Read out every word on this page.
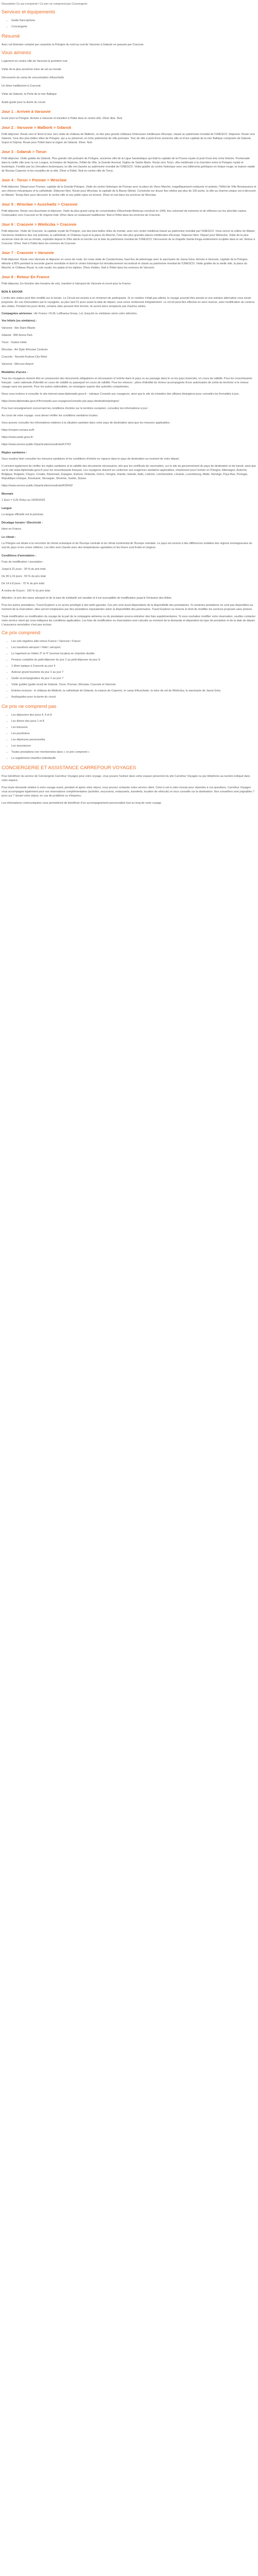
Description Ce qui comprend / Ce prix ne comprend pas Conciergerie

Services et équipements
• Guide francophone
• Conciergerie
Résumé

Avec cet itinéraire complet par caractère la Pologne du nord au sud de Varsovie à Gdansk en passant par Cracovie.

Vous aimerez

Logement en centre-ville de Varsovie la première nuit

Visite de la plus ancienne mine de sel au monde

Découverte du camp de concentration d'Auschwitz

Un dîner traditionnel à Cracovie

Visite de Gdansk, la Perle de la mer Baltique

Audio guide pour la durée du circuit

Jour 1 : Arrivée à Varsovie

Envol pour la Pologne. Arrivée à Varsovie et transfert à l'hôtel dans le centre-ville. Dîner libre. Nuit.

Jour 2 : Varsovie > Malbork > Gdansk

Petit-déjeuner. Route vers le Nord et tour vers visite du château de Malbork, un des plus grands châteaux forteresses médiévaux d'Europe, classé au patrimoine mondial de l'UNESCO. Déjeuner. Route vers Gdansk, l'une des plus belles villes de Pologne, qui a su préserver un riche patrimoine de ville portuaire. Tour de ville à pied d'une ancienne ville et d'une capitale de la mer Baltique composée de Gdansk, Sopot et Gdynia. Route pour l'hôtel dans la région de Gdansk. Dîner. Nuit.

Jour 3 : Gdansk > Torun

Petit-déjeuner. Visite guidée de Gdansk. Plus grande cité portuaire de Pologne, ancienne ville de la Ligue hanséatique qui était la capitale de la Prusse royale et jouit d'une très riche histoire. Promenade dans la vieille ville avec la rue Longue, la fontaine de Neptune, l'Hôtel de Ville, la Grande Arsenal, l'église de Sainte Marie. Route vers Torun, ville médiévale à la charnière entre la Pologne royale et teutonique. Fondée par les chevaliers teutoniques, la ville est classée au patrimoine mondial de l'UNESCO. Visite guidée du centre historique avec ses bâtiments gothiques en brique rouge, la maison natale de Nicolas Copernic et les murailles de la ville. Dîner à l'hôtel. Nuit en centre-ville de Torun.

Jour 4 : Torun > Poznan > Wroclaw

Petit-déjeuner. Départ pour Poznan, capitale de la Grande-Pologne. Visite du centre historique de Poznan avec la place du Vieux Marché, magnifiquement restaurée et animée, l'Hôtel de Ville Renaissance et ses chèvres mécaniques et la cathédrale. Déjeuner libre. Route pour Wroclaw, la capitale de la Basse-Silésie. Construite sur douze îles reliées par plus de 100 ponts, la ville au charme unique est à découvrir en flânant. Temps libre pour découvrir le centre-ville et ses petits nains en bronze. Dîner et nuit dans les environs de Wroclaw.

Jour 5 : Wroclaw > Auschwitz > Cracovie

Petit-déjeuner. Route vers Auschwitz et déjeuner. Visite du plus grand camp de concentration d'Auschwitz-Birkenau construit en 1940, lieu universel de mémoire et de réflexion sur les atrocités nazies. Continuation vers Cracovie en fin d'après-midi. Dîner dans un restaurant traditionnel. Nuit à l'hôtel dans les environs de Cracovie.

Jour 6 : Cracovie > Wieliczka > Cracovie

Petit-déjeuner. Visite de Cracovie, la capitale royale de Pologne, une des plus belles villes du monde, avec son centre médiéval classé au patrimoine mondial par l'UNESCO. Vous verrez la colline du Wawel, l'ancienne résidence des rois polonais, la cathédrale, le Château royal et la place du Marché, l'une des plus grandes places médiévales d'Europe. Déjeuner libre. Départ pour Wieliczka. Visite de la plus ancienne mine de sel au monde, exploitée depuis le XIIIe siècle et inscrite sur la liste du patrimoine mondial de l'UNESCO. Découverte de la chapelle Sainte-Kinga entièrement sculptée dans le sel. Retour à Cracovie. Dîner. Nuit à l'hôtel dans les environs de Cracovie.

Jour 7 : Cracovie > Varsovie

Petit-déjeuner. Route vers Varsovie et déjeuner en cours de route. En route visite de Czestochowa, haut lieu de pèlerinage avec le sanctuaire de Jasna Góra. Arrivée à Varsovie, capitale de la Pologne, détruite à 85% pendant la seconde guerre mondiale et dont le centre historique fut minutieusement reconstruit et classé au patrimoine mondial de l'UNESCO. Visite guidée de la vieille ville, la place du Marché, le Château Royal, la voie royale, les palais et les églises. Dîner d'adieu. Nuit à l'hôtel dans les environs de Varsovie.

Jour 8 : Retour En France

Petit-déjeuner. En fonction des horaires de vols, transfert à l'aéroport de Varsovie et envol pour la France.

BON À SAVOIR

L'ordre des visites peut être modifié sur le terrain. Le Circuit est soumis à un minimum de participants. Si ce nombre n'était pas atteint, le voyage pourrait être annulé et une solution alternative vous serait proposée. En cas d'annulation par le voyagiste, au plus tard 21 jours avant la date de départ, vous serez remboursé intégralement. Le circuit peut être effectué en sens inverse, sans modification du contenu des visites. Pendant les jours fériés, certains sites peuvent être fermés, ils seront alors remplacés par d'autres visites.

Compagnies aériennes : Air France / KLM, Lufthansa Group, Lot, EasyJet ou similaires selon votre sélection.

Vos hôtels (ou similaires) :

Varsovie : Ibis Stare Miasto

Gdansk : BW Arena Park

Torun : Solaris Hotel

Wroclaw : Art Style Wroclaw Centrum

Cracovie : Novotel Krakow City West

Varsovie : Mercure Airport

Modalités d'accès :

Tous les voyageurs doivent être en possession des documents obligatoires et nécessaires à l'entrée dans le pays ou au passage dans le ou les pays traversés, en cours de validité. Pour les ressortissants français : carte nationale d'identité en cours de validité ou passeport en cours de validité. Pour les mineurs : pièce d'identité du mineur accompagnée d'une autorisation de sortie du territoire si le mineur voyage sans ses parents. Pour les autres nationalités, se renseigner auprès des autorités compétentes.

Nous vous invitons à consulter le site internet www.diplomatie.gouv.fr - rubrique Conseils aux voyageurs, ainsi que le site du ministère des affaires étrangères pour connaître les formalités à jour.

https://www.diplomatie.gouv.fr/fr/conseils-aux-voyageurs/conseils-par-pays-destination/pologne/

Pour tout renseignement concernant les conditions d'entrée sur le territoire européen, consultez les informations à jour :

Au cours de votre voyage, vous devez vérifier les conditions sanitaires locales.

Vous pouvez consulter les informations relatives à la situation sanitaire dans votre pays de destination ainsi que les mesures applicables :

https://reopen.europa.eu/fr

https://www.sante.gouv.fr/

https://www.service-public.fr/particuliers/vosdroits/F2703

Règles sanitaires :

Vous voudrez bien consulter les mesures sanitaires et les conditions d'entrée en vigueur dans le pays de destination au moment de votre départ.

Il convient également de vérifier les règles sanitaires et la validité des documents nécessaires, tels que les certificats de vaccination, sur le site du gouvernement du pays de destination et de transit, ainsi que sur le site www.diplomatie.gouv.fr pour les ressortissants français. Les voyageurs doivent se conformer aux exigences sanitaires applicables, notamment pour l'entrée en Pologne, Allemagne, Autriche, Belgique, Bulgarie, Chypre, Croatie, Danemark, Espagne, Estonie, Finlande, Grèce, Hongrie, Irlande, Islande, Italie, Lettonie, Liechtenstein, Lituanie, Luxembourg, Malte, Norvège, Pays-Bas, Portugal, République tchèque, Roumanie, Slovaquie, Slovénie, Suède, Suisse.

https://www.service-public.fr/particuliers/vosdroits/R35432

Monnaie

1 Euro = 4,26 Zlotys au 16/05/2025

Langue

La langue officielle est le polonais.

Décalage horaire / Électricité :

Idem en France.

Le climat :

La Pologne est située à la rencontre du climat océanique et de l'Europe centrale et du climat continental de l'Europe orientale. Le pays est soumis à des différences notables des régions montagneuses du sud du pays et les zones côtières. Les étés sont chauds avec des températures agréables et les hivers sont froids et neigeux.

Conditions d'annulation :

Frais de modification / annulation :

Jusqu'à 31 jours : 30 % du prix total

De 30 à 15 jours : 50 % du prix total

De 14 à 8 jours : 75 % du prix total

À moins de 8 jours : 100 % du prix total

Attention, le prix des taxes aéroport et de la taxe de solidarité est variable et il est susceptible de modification jusqu'à l'émission des billets.

Pour les autres prestations, Travel Explorer a un accès privilégié à des tarifs garantis. Ces prix sont aussi dépendants de la disponibilité des prestataires. Si certaines prestations ne sont pas disponibles au moment de la réservation, elles seront remplacées par des prestations équivalentes selon la disponibilité des partenaires. Travel Explorer se réserve le droit de modifier les services proposés sans préavis.

Toute modification ou modification du voyage de la part de la compagnie aérienne ou du prestataire pourra entraîner des frais supplémentaires. Si vous souhaitez modifier votre réservation, veuillez contacter notre service client qui vous indiquera les conditions applicables. Les frais de modification ou d'annulation sont calculés au moment de la demande et dépendent du type de prestation et de la date de départ. L'assurance annulation n'est pas incluse.

Ce prix comprend
• Les vols réguliers aller-retour France / Varsovie / France
• Les transferts aéroport / hôtel / aéroport
• Le logement en hôtels 3* et 4* (normes locales) en chambre double
• Pension complète du petit-déjeuner du jour 2 au petit-déjeuner du jour 8
• 1 dîner typique à Cracovie au jour 5
• Autocar grand tourisme du jour 2 au jour 7
• Guide accompagnateur du jour 2 au jour 7
• Visite guidée (guide local) de Gdansk, Torun, Poznan, Wroclaw, Cracovie et Varsovie
• Entrées incluses : le château de Malbork, la cathédrale de Gdansk, la maison de Copernic, le camp d'Auschwitz, la mine de sel de Wieliczka, le sanctuaire de Jasna Góra
• Audioguides pour la durée du circuit
Ce prix ne comprend pas
• Les déjeuners des jours 4, 6 et 8
• Les dîners des jours 1 et 8
• Les boissons
• Les pourboires
• Les dépenses personnelles
• Les assurances
• Toutes prestations non mentionnées dans « ce prix comprend »
• Le supplément chambre individuelle
CONCIERGERIE ET ASSISTANCE CARREFOUR VOYAGES

Pour bénéficier du service de Conciergerie Carrefour Voyages pour votre voyage, vous pouvez l'activer dans votre espace personnel du site Carrefour Voyages ou par téléphone au numéro indiqué dans votre espace.

Pour toute demande relative à votre voyage avant, pendant et après votre séjour, vous pouvez contacter notre service client. Celui-ci est à votre écoute pour répondre à vos questions. Carrefour Voyages vous accompagne également pour vos réservations complémentaires (activités, excursions, restaurants, transferts, location de véhicule) et vous conseille sur la destination. Nos conseillers sont joignables 7 jours sur 7 durant votre séjour, en cas de problème ou d'imprévu.

Les informations communiquées vous permettront de bénéficier d'un accompagnement personnalisé tout au long de votre voyage.
